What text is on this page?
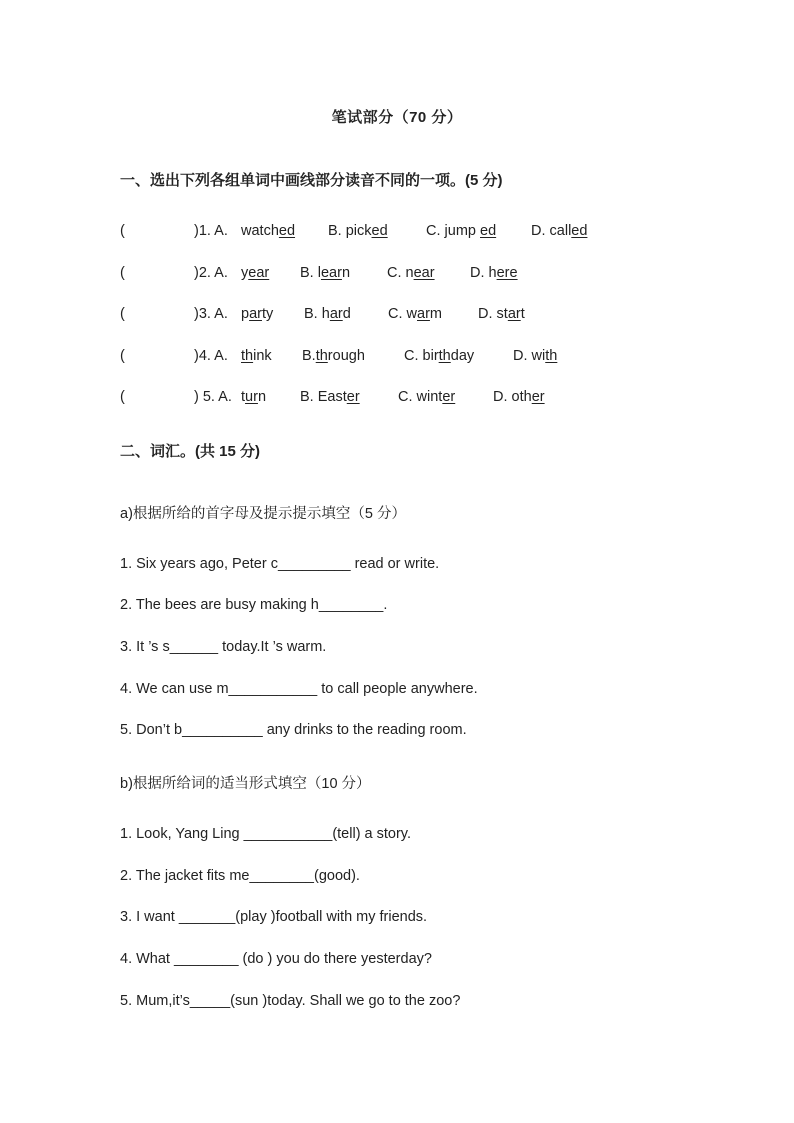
笔试部分（70 分）
一、选出下列各组单词中画线部分读音不同的一项。(5 分)
(	)1. A. watched B. picked	C. jump ed D. called
(	)2. A. year B. learn	C. near D. here
(	)3. A. party B. hard	C. warm D. start
(	)4. A. think B.through	C. birthday	D. with
(	) 5. A. turn B. Easter	C. winter	D. other
二、词汇。(共 15 分)
a)根据所给的首字母及提示提示填空（5 分）
1. Six years ago, Peter c_________ read or write.
2. The bees are busy making h________.
3. It ’s s______ today.It ’s warm.
4. We can use m___________ to call people anywhere.
5. Don’t b__________ any drinks to the reading room.
b)根据所给词的适当形式填空（10 分）
1. Look, Yang Ling ___________(tell) a story.
2. The jacket fits me________(good).
3. I want _______(play )football with my friends.
4. What ________ (do ) you do there yesterday?
5. Mum,it’s_____(sun )today. Shall we go to the zoo?
